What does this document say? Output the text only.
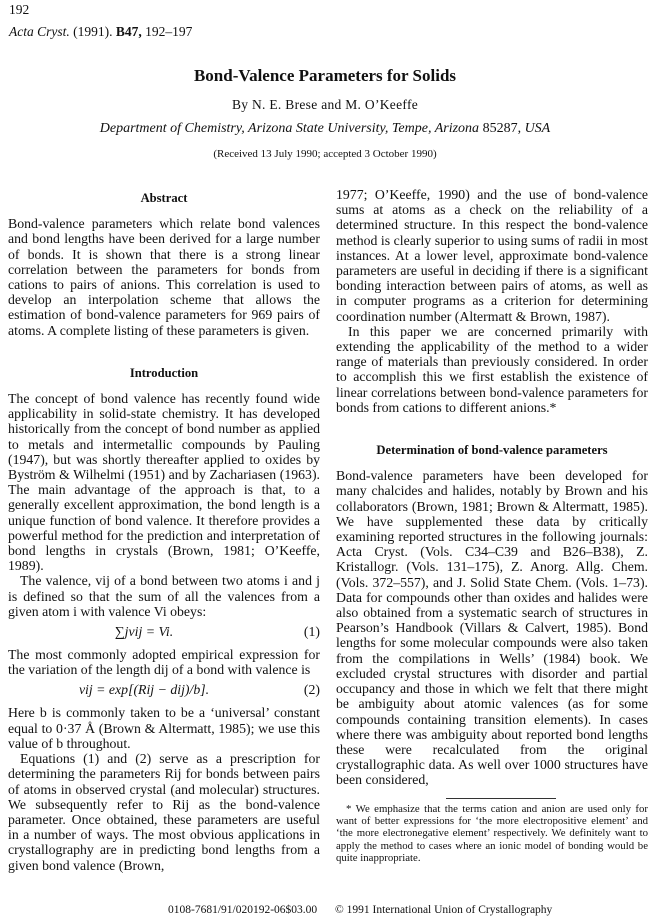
192
Acta Cryst. (1991). B47, 192–197
Bond-Valence Parameters for Solids
By N. E. Brese and M. O’Keeffe
Department of Chemistry, Arizona State University, Tempe, Arizona 85287, USA
(Received 13 July 1990; accepted 3 October 1990)
Abstract

Bond-valence parameters which relate bond valences and bond lengths have been derived for a large number of bonds. It is shown that there is a strong linear correlation between the parameters for bonds from cations to pairs of anions. This correlation is used to develop an interpolation scheme that allows the estimation of bond-valence parameters for 969 pairs of atoms. A complete listing of these parameters is given.

Introduction

The concept of bond valence has recently found wide applicability in solid-state chemistry. It has developed historically from the concept of bond number as applied to metals and intermetallic compounds by Pauling (1947), but was shortly thereafter applied to oxides by Byström & Wilhelmi (1951) and by Zachariasen (1963). The main advantage of the approach is that, to a generally excellent approximation, the bond length is a unique function of bond valence. It therefore provides a powerful method for the prediction and interpretation of bond lengths in crystals (Brown, 1981; O’Keeffe, 1989).

The valence, vij of a bond between two atoms i and j is defined so that the sum of all the valences from a given atom i with valence Vi obeys:

∑jvij = Vi.	(1)

The most commonly adopted empirical expression for the variation of the length dij of a bond with valence is

vij = exp[(Rij − dij)/b].	(2)

Here b is commonly taken to be a ‘universal’ constant equal to 0·37 Å (Brown & Altermatt, 1985); we use this value of b throughout.

Equations (1) and (2) serve as a prescription for determining the parameters Rij for bonds between pairs of atoms in observed crystal (and molecular) structures. We subsequently refer to Rij as the bond-valence parameter. Once obtained, these parameters are useful in a number of ways. The most obvious applications in crystallography are in predicting bond lengths from a given bond valence (Brown,

1977; O’Keeffe, 1990) and the use of bond-valence sums at atoms as a check on the reliability of a determined structure. In this respect the bond-valence method is clearly superior to using sums of radii in most instances. At a lower level, approximate bond-valence parameters are useful in deciding if there is a significant bonding interaction between pairs of atoms, as well as in computer programs as a criterion for determining coordination number (Altermatt & Brown, 1987).

In this paper we are concerned primarily with extending the applicability of the method to a wider range of materials than previously considered. In order to accomplish this we first establish the existence of linear correlations between bond-valence parameters for bonds from cations to different anions.*

Determination of bond-valence parameters

Bond-valence parameters have been developed for many chalcides and halides, notably by Brown and his collaborators (Brown, 1981; Brown & Altermatt, 1985). We have supplemented these data by critically examining reported structures in the following journals: Acta Cryst. (Vols. C34–C39 and B26–B38), Z. Kristallogr. (Vols. 131–175), Z. Anorg. Allg. Chem. (Vols. 372–557), and J. Solid State Chem. (Vols. 1–73). Data for compounds other than oxides and halides were also obtained from a systematic search of structures in Pearson’s Handbook (Villars & Calvert, 1985). Bond lengths for some molecular compounds were also taken from the compilations in Wells’ (1984) book. We excluded crystal structures with disorder and partial occupancy and those in which we felt that there might be ambiguity about atomic valences (as for some compounds containing transition elements). In cases where there was ambiguity about reported bond lengths these were recalculated from the original crystallographic data. As well over 1000 structures have been considered,

* We emphasize that the terms cation and anion are used only for want of better expressions for ‘the more electropositive element’ and ‘the more electronegative element’ respectively. We definitely want to apply the method to cases where an ionic model of bonding would be quite inappropriate.

0108-7681/91/020192-06$03.00 © 1991 International Union of Crystallography
